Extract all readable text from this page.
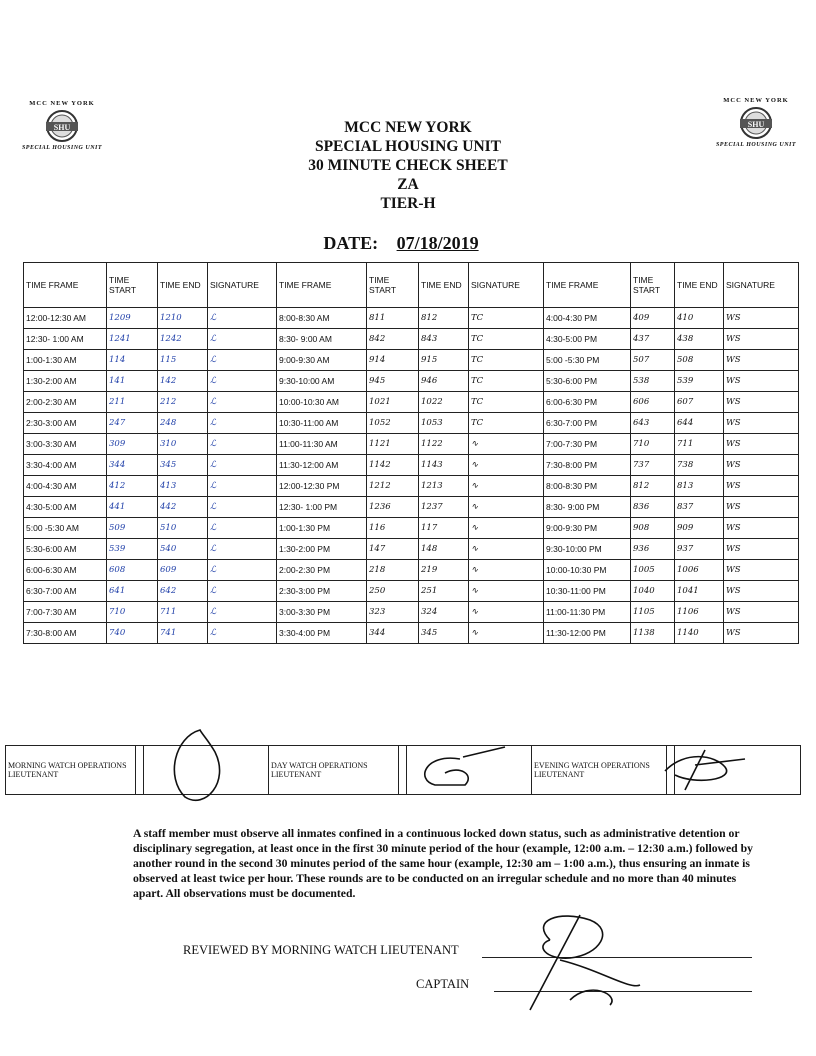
MCC NEW YORK
SHU
SPECIAL HOUSING UNIT
MCC NEW YORK
SHU
SPECIAL HOUSING UNIT
MCC NEW YORK
SPECIAL HOUSING UNIT
30 MINUTE CHECK SHEET
ZA
TIER-H
DATE: 07/18/2019
TIME FRAME	TIME START	TIME END	SIGNATURE	TIME FRAME	TIME START	TIME END	SIGNATURE	TIME FRAME	TIME START	TIME END	SIGNATURE
12:00-12:30 AM	1209	1210	ℒ	8:00-8:30 AM	811	812	TC	4:00-4:30 PM	409	410	WS
12:30- 1:00 AM	1241	1242	ℒ	8:30- 9:00 AM	842	843	TC	4:30-5:00 PM	437	438	WS
1:00-1:30 AM	114	115	ℒ	9:00-9:30 AM	914	915	TC	5:00 -5:30 PM	507	508	WS
1:30-2:00 AM	141	142	ℒ	9:30-10:00 AM	945	946	TC	5:30-6:00 PM	538	539	WS
2:00-2:30 AM	211	212	ℒ	10:00-10:30 AM	1021	1022	TC	6:00-6:30 PM	606	607	WS
2:30-3:00 AM	247	248	ℒ	10:30-11:00 AM	1052	1053	TC	6:30-7:00 PM	643	644	WS
3:00-3:30 AM	309	310	ℒ	11:00-11:30 AM	1121	1122	∿	7:00-7:30 PM	710	711	WS
3:30-4:00 AM	344	345	ℒ	11:30-12:00 AM	1142	1143	∿	7:30-8:00 PM	737	738	WS
4:00-4:30 AM	412	413	ℒ	12:00-12:30 PM	1212	1213	∿	8:00-8:30 PM	812	813	WS
4:30-5:00 AM	441	442	ℒ	12:30- 1:00 PM	1236	1237	∿	8:30- 9:00 PM	836	837	WS
5:00 -5:30 AM	509	510	ℒ	1:00-1:30 PM	116	117	∿	9:00-9:30 PM	908	909	WS
5:30-6:00 AM	539	540	ℒ	1:30-2:00 PM	147	148	∿	9:30-10:00 PM	936	937	WS
6:00-6:30 AM	608	609	ℒ	2:00-2:30 PM	218	219	∿	10:00-10:30 PM	1005	1006	WS
6:30-7:00 AM	641	642	ℒ	2:30-3:00 PM	250	251	∿	10:30-11:00 PM	1040	1041	WS
7:00-7:30 AM	710	711	ℒ	3:00-3:30 PM	323	324	∿	11:00-11:30 PM	1105	1106	WS
7:30-8:00 AM	740	741	ℒ	3:30-4:00 PM	344	345	∿	11:30-12:00 PM	1138	1140	WS
MORNING WATCH OPERATIONS LIEUTENANT			DAY WATCH OPERATIONS LIEUTENANT			EVENING WATCH OPERATIONS LIEUTENANT		
A staff member must observe all inmates confined in a continuous locked down status, such as administrative detention or disciplinary segregation, at least once in the first 30 minute period of the hour (example, 12:00 a.m. – 12:30 a.m.) followed by another round in the second 30 minutes period of the same hour (example, 12:30 am – 1:00 a.m.), thus ensuring an inmate is observed at least twice per hour. These rounds are to be conducted on an irregular schedule and no more than 40 minutes apart. All observations must be documented.
REVIEWED BY MORNING WATCH LIEUTENANT
CAPTAIN
